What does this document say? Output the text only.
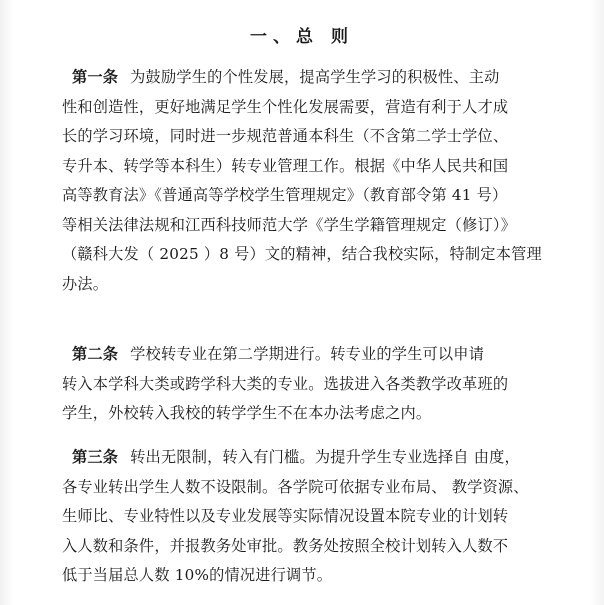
一、总 则
第一条 为鼓励学生的个性发展，提高学生学习的积极性、主动
性和创造性，更好地满足学生个性化发展需要，营造有利于人才成
长的学习环境，同时进一步规范普通本科生（不含第二学士学位、
专升本、转学等本科生）转专业管理工作。根据《中华人民共和国
高等教育法》《普通高等学校学生管理规定》（教育部令第 41 号）
等相关法律法规和江西科技师范大学《学生学籍管理规定（修订）》
（赣科大发（ 2025 ）8 号）文的精神，结合我校实际，特制定本管理
办法。
第二条 学校转专业在第二学期进行。转专业的学生可以申请
转入本学科大类或跨学科大类的专业。选拔进入各类教学改革班的
学生，外校转入我校的转学学生不在本办法考虑之内。
第三条 转出无限制，转入有门槛。为提升学生专业选择自 由度，
各专业转出学生人数不设限制。各学院可依据专业布局、 教学资源、
生师比、专业特性以及专业发展等实际情况设置本院专业的计划转
入人数和条件，并报教务处审批。教务处按照全校计划转入人数不
低于当届总人数 10%的情况进行调节。
